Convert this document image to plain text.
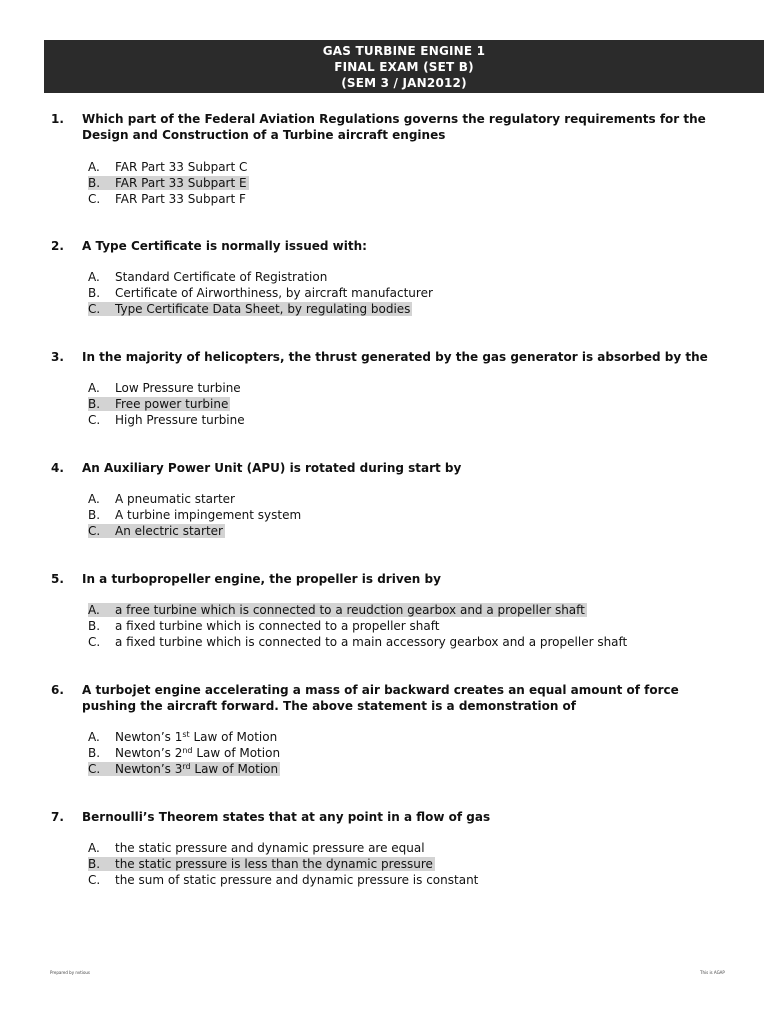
GAS TURBINE ENGINE 1
FINAL EXAM (SET B)
(SEM 3 / JAN2012)
1. Which part of the Federal Aviation Regulations governs the regulatory requirements for the Design and Construction of a Turbine aircraft engines
A. FAR Part 33 Subpart C
B. FAR Part 33 Subpart E
C. FAR Part 33 Subpart F
2. A Type Certificate is normally issued with:
A. Standard Certificate of Registration
B. Certificate of Airworthiness, by aircraft manufacturer
C. Type Certificate Data Sheet, by regulating bodies
3. In the majority of helicopters, the thrust generated by the gas generator is absorbed by the
A. Low Pressure turbine
B. Free power turbine
C. High Pressure turbine
4. An Auxiliary Power Unit (APU) is rotated during start by
A. A pneumatic starter
B. A turbine impingement system
C. An electric starter
5. In a turbopropeller engine, the propeller is driven by
A. a free turbine which is connected to a reudction gearbox and a propeller shaft
B. a fixed turbine which is connected to a propeller shaft
C. a fixed turbine which is connected to a main accessory gearbox and a propeller shaft
6. A turbojet engine accelerating a mass of air backward creates an equal amount of force pushing the aircraft forward. The above statement is a demonstration of
A. Newton’s 1st Law of Motion
B. Newton’s 2nd Law of Motion
C. Newton’s 3rd Law of Motion
7. Bernoulli’s Theorem states that at any point in a flow of gas
A. the static pressure and dynamic pressure are equal
B. the static pressure is less than the dynamic pressure
C. the sum of static pressure and dynamic pressure is constant
Prepared by nvtious	This is AGAP
